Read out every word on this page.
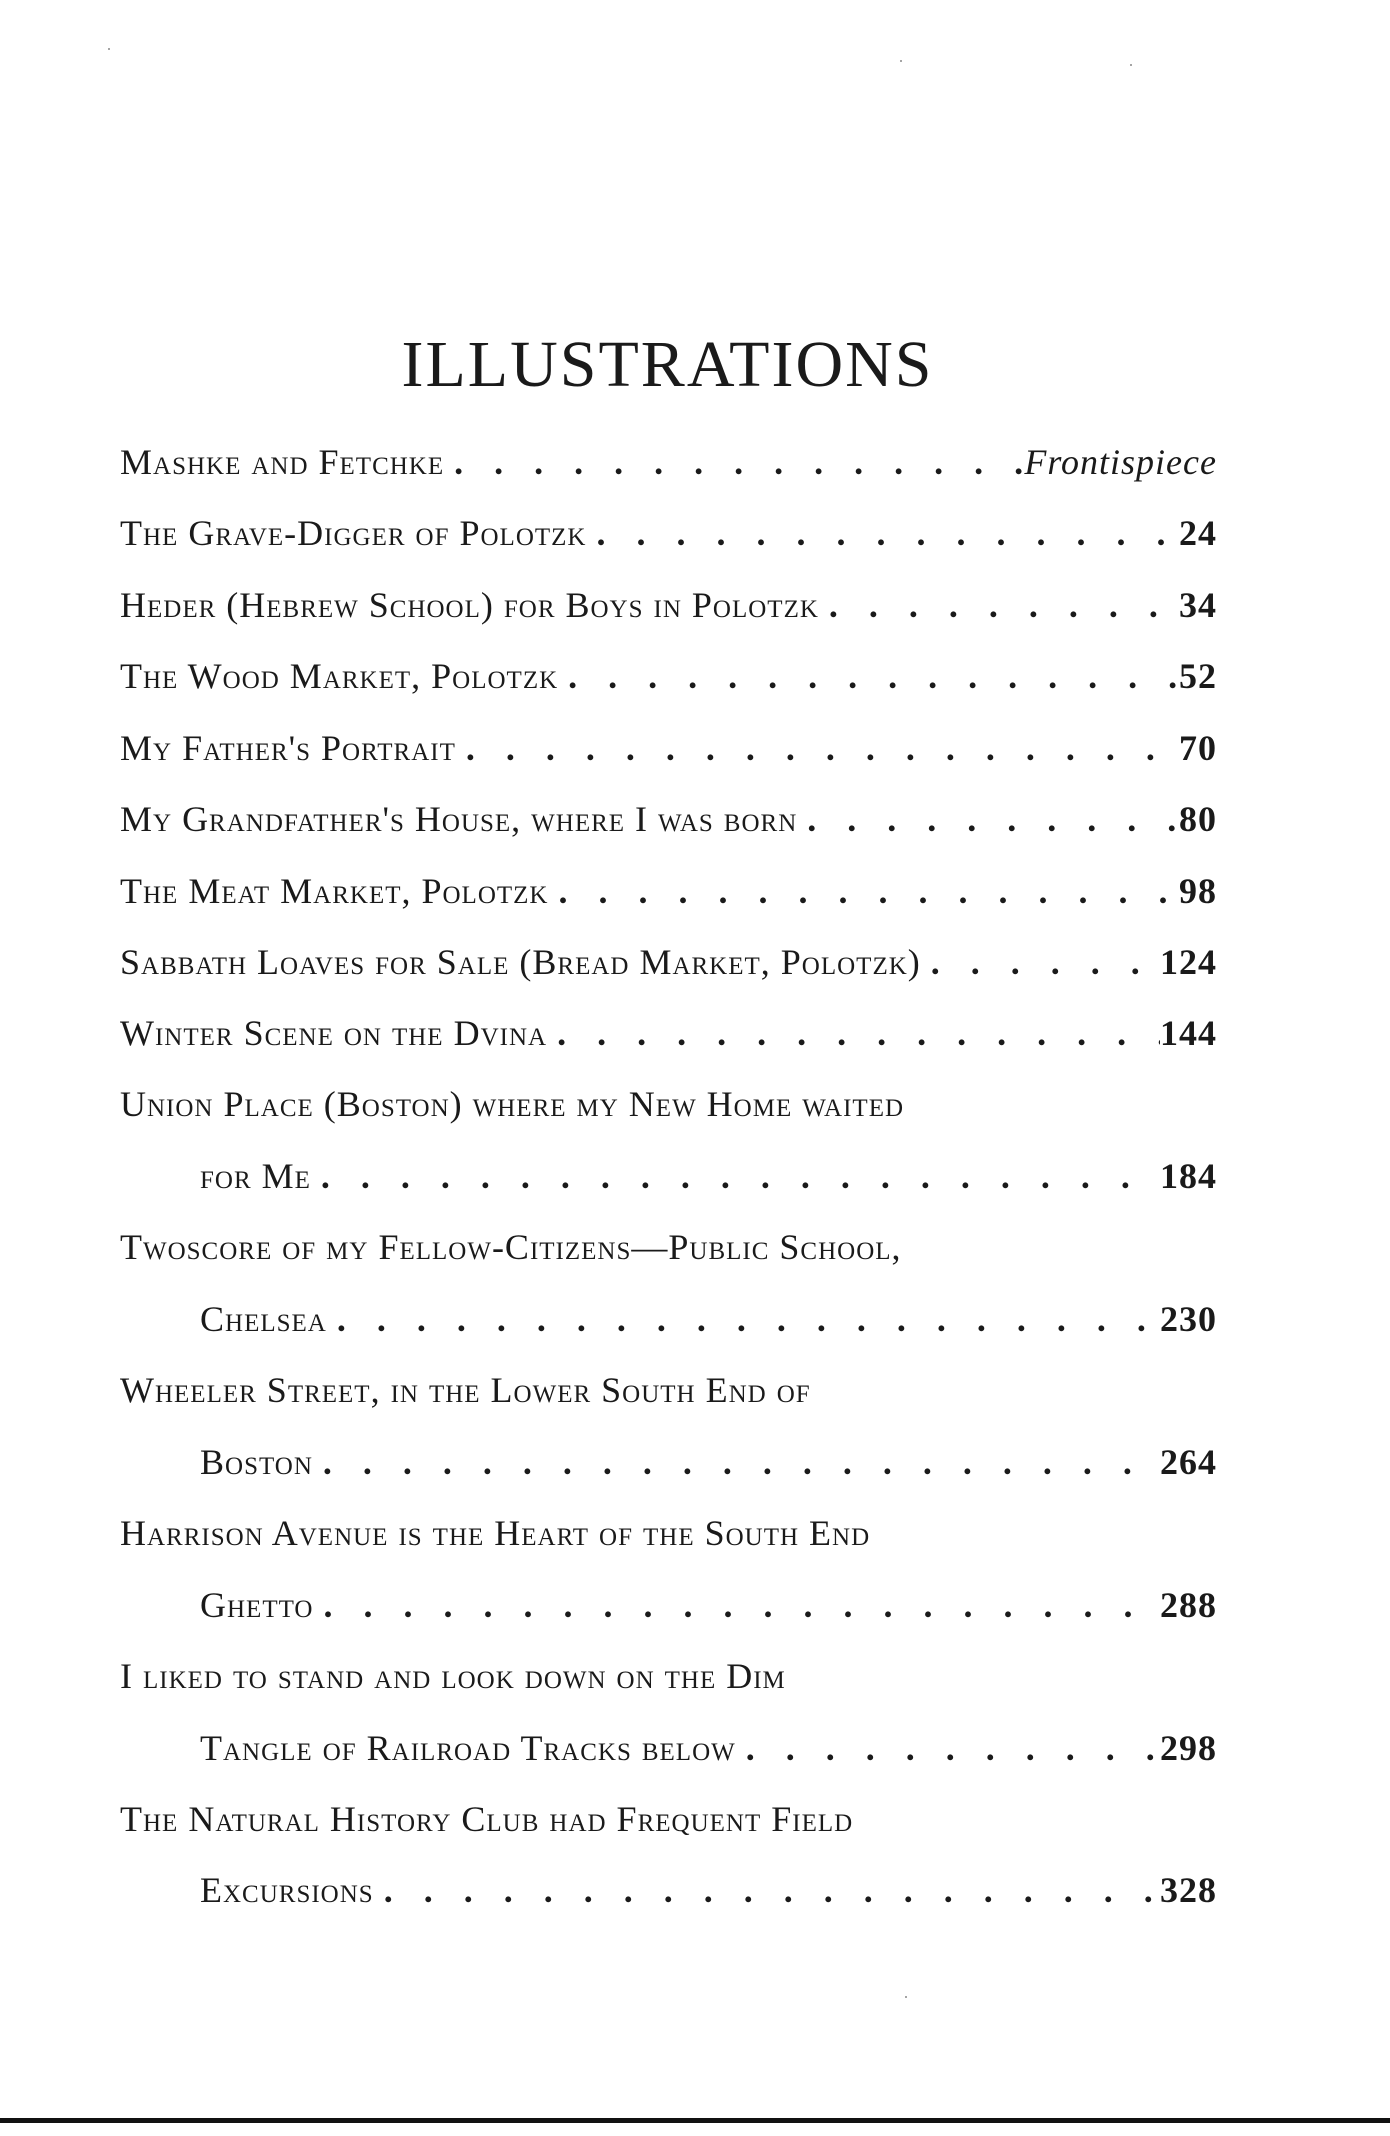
ILLUSTRATIONS
Mashke and Fetchke . . .	Frontispiece
The Grave-Digger of Polotzk . . .	24
Heder (Hebrew School) for Boys in Polotzk . . .	34
The Wood Market, Polotzk . . .	52
My Father's Portrait . . .	70
My Grandfather's House, where I was born . . .	80
The Meat Market, Polotzk . . .	98
Sabbath Loaves for Sale (Bread Market, Polotzk) . . .	124
Winter Scene on the Dvina . . .	144
Union Place (Boston) where my New Home waited
for Me . . .	184
Twoscore of my Fellow-Citizens—Public School,
Chelsea . . .	230
Wheeler Street, in the Lower South End of
Boston . . .	264
Harrison Avenue is the Heart of the South End
Ghetto . . .	288
I liked to stand and look down on the Dim
Tangle of Railroad Tracks below . . .	298
The Natural History Club had Frequent Field
Excursions . . .	328
